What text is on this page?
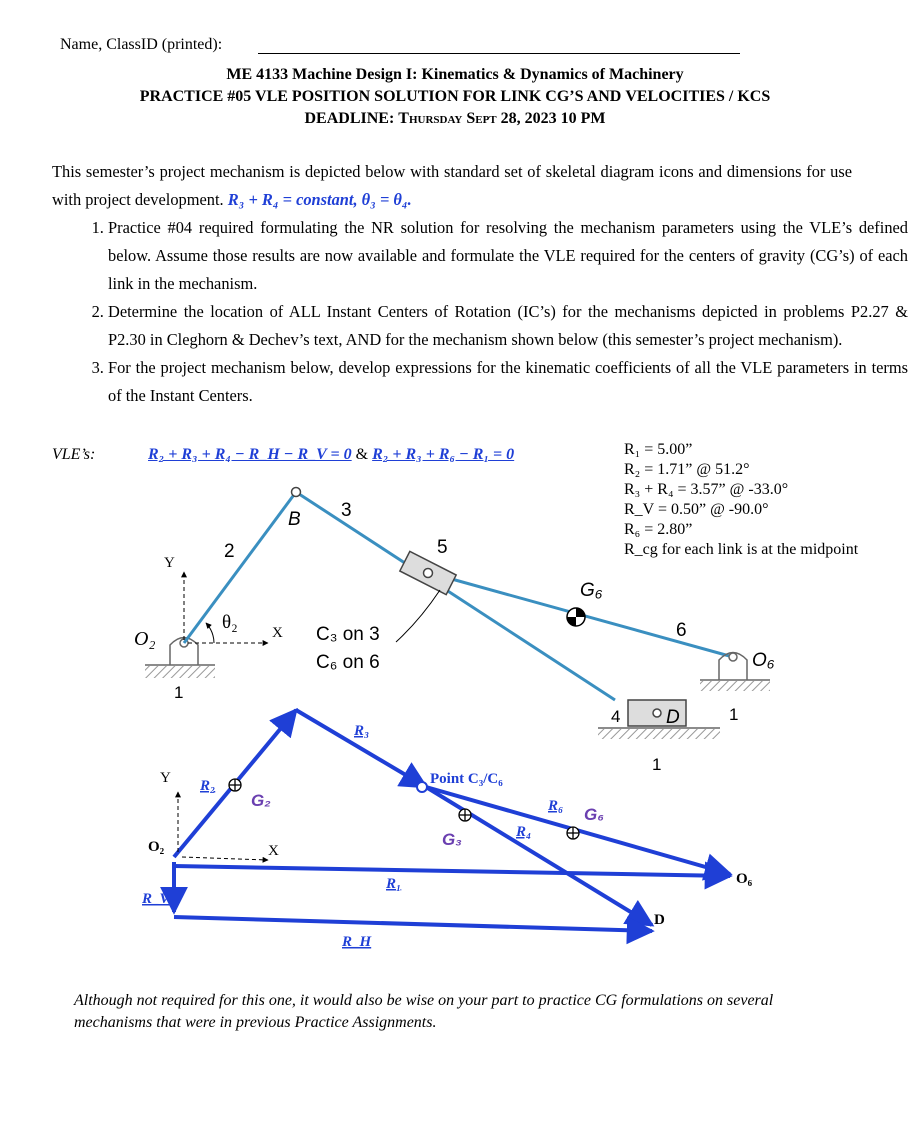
Name, ClassID (printed):
ME 4133 Machine Design I: Kinematics & Dynamics of Machinery
PRACTICE #05 VLE POSITION SOLUTION FOR LINK CG’S AND VELOCITIES / KCS
DEADLINE: Thursday Sept 28, 2023 10 PM
This semester’s project mechanism is depicted below with standard set of skeletal diagram icons and dimensions for use with project development. R₃ + R₄ = constant, θ₃ = θ₄.
1. Practice #04 required formulating the NR solution for resolving the mechanism parameters using the VLE’s defined below. Assume those results are now available and formulate the VLE required for the centers of gravity (CG’s) of each link in the mechanism.
2. Determine the location of ALL Instant Centers of Rotation (IC’s) for the mechanisms depicted in problems P2.27 & P2.30 in Cleghorn & Dechev’s text, AND for the mechanism shown below (this semester’s project mechanism).
3. For the project mechanism below, develop expressions for the kinematic coefficients of all the VLE parameters in terms of the Instant Centers.
VLE’s:	R₂ + R₃ + R₄ − R_H − R_V = 0 & R₂ + R₃ + R₆ − R₁ = 0	R₁ = 5.00”
R₂ = 1.71” @ 51.2°
R₃ + R₄ = 3.57” @ -33.0°
R_V = 0.50” @ -90.0°
R₆ = 2.80”
R_cg for each link is at the midpoint
O₂
Y
X
θ₂
2
B 3
5
G₆
6
O₆
C₃ on 3
C₆ on 6
1
4 D	1
1
Y R₂
G₂
O₂	X
R_V
R₃
Point C₃/C₆
G₃	R₄
R₆ G₆
R₁	O₆
D
R_H
Although not required for this one, it would also be wise on your part to practice CG formulations on several mechanisms that were in previous Practice Assignments.
